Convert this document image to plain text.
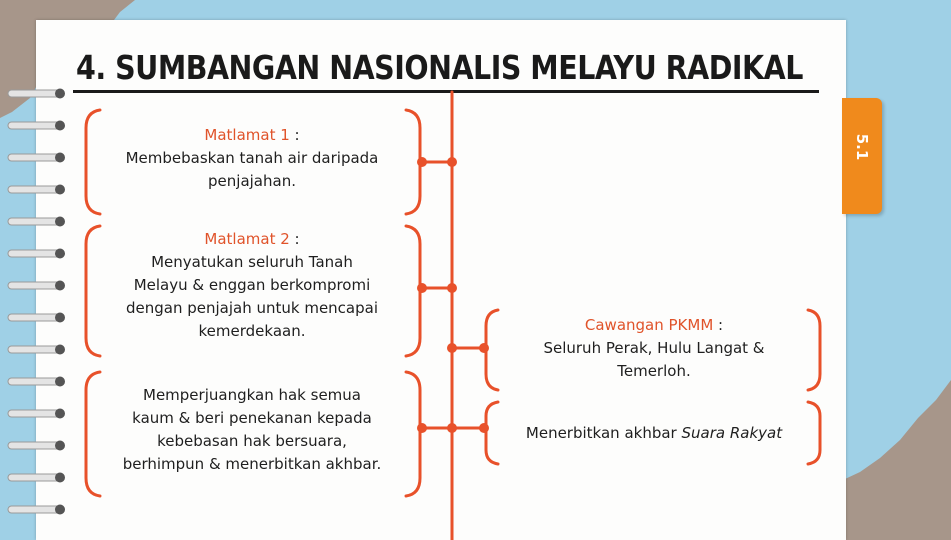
5.1
4. SUMBANGAN NASIONALIS MELAYU RADIKAL
Matlamat 1 :
Membebaskan tanah air daripada
penjajahan.
Matlamat 2 :
Menyatukan seluruh Tanah
Melayu & enggan berkompromi
dengan penjajah untuk mencapai
kemerdekaan.
Memperjuangkan hak semua
kaum & beri penekanan kepada
kebebasan hak bersuara,
berhimpun & menerbitkan akhbar.
Cawangan PKMM :
Seluruh Perak, Hulu Langat &
Temerloh.
Menerbitkan akhbar Suara Rakyat
